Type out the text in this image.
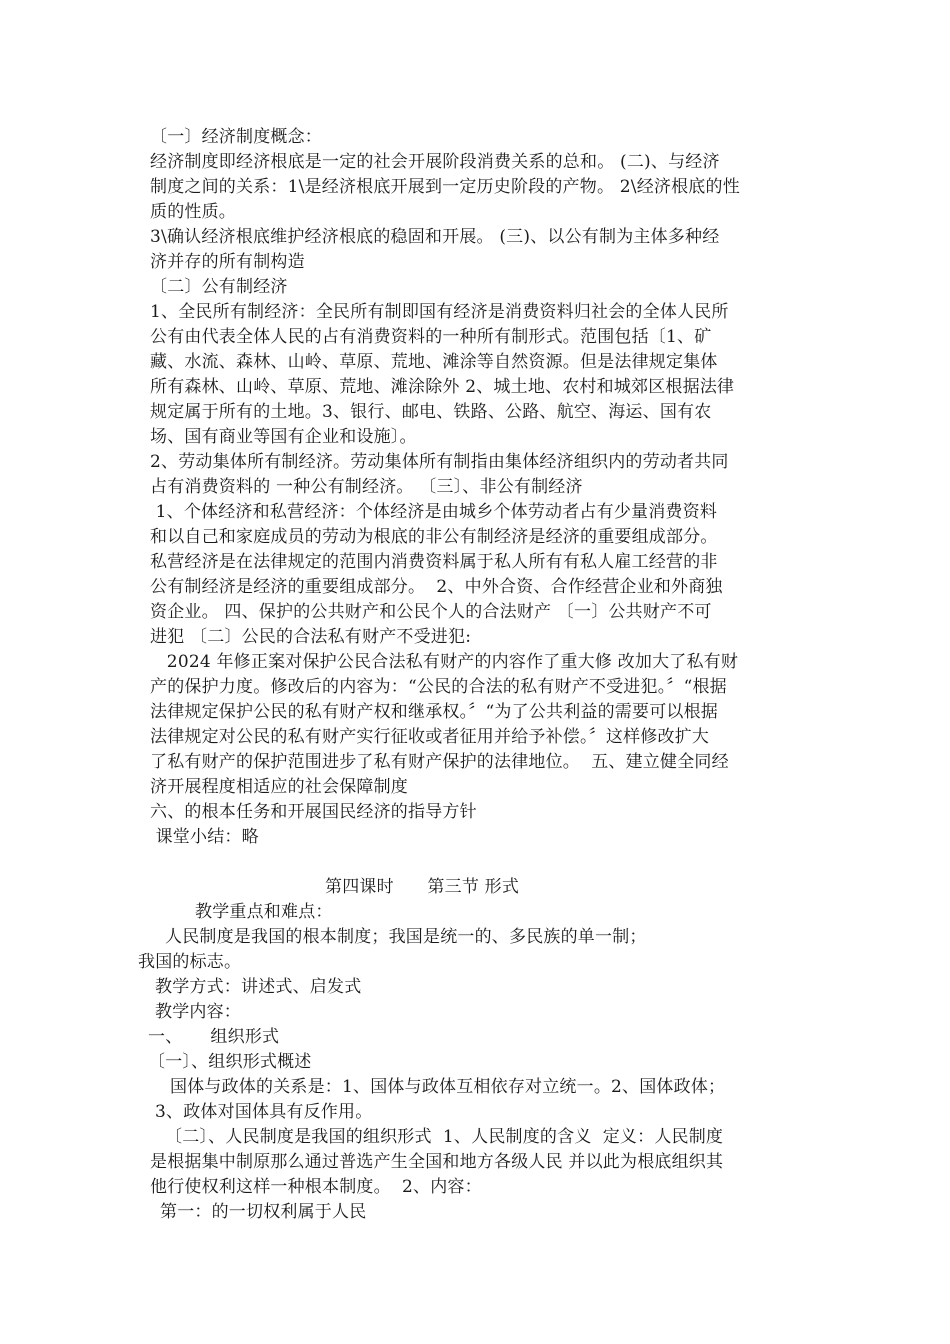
〔一〕经济制度概念：
经济制度即经济根底是一定的社会开展阶段消费关系的总和。 (二)、与经济
制度之间的关系：1\是经济根底开展到一定历史阶段的产物。 2\经济根底的性
质的性质。
3\确认经济根底维护经济根底的稳固和开展。 (三)、以公有制为主体多种经
济并存的所有制构造
〔二〕公有制经济
1、全民所有制经济：全民所有制即国有经济是消费资料归社会的全体人民所
公有由代表全体人民的占有消费资料的一种所有制形式。范围包括〔1、矿
藏、水流、森林、山岭、草原、荒地、滩涂等自然资源。但是法律规定集体
所有森林、山岭、草原、荒地、滩涂除外 2、城土地、农村和城郊区根据法律
规定属于所有的土地。3、银行、邮电、铁路、公路、航空、海运、国有农
场、国有商业等国有企业和设施〕。
2、劳动集体所有制经济。劳动集体所有制指由集体经济组织内的劳动者共同
占有消费资料的 一种公有制经济。 〔三〕、非公有制经济
1、个体经济和私营经济：个体经济是由城乡个体劳动者占有少量消费资料
和以自己和家庭成员的劳动为根底的非公有制经济是经济的重要组成部分。
私营经济是在法律规定的范围内消费资料属于私人所有有私人雇工经营的非
公有制经济是经济的重要组成部分。  2、中外合资、合作经营企业和外商独
资企业。 四、保护的公共财产和公民个人的合法财产 〔一〕公共财产不可
进犯 〔二〕公民的合法私有财产不受进犯:
2024 年修正案对保护公民合法私有财产的内容作了重大修 改加大了私有财
产的保护力度。修改后的内容为：“公民的合法的私有财产不受进犯。〞“根据
法律规定保护公民的私有财产权和继承权。〞“为了公共利益的需要可以根据
法律规定对公民的私有财产实行征收或者征用并给予补偿。〞这样修改扩大
了私有财产的保护范围进步了私有财产保护的法律地位。  五、建立健全同经
济开展程度相适应的社会保障制度
六、的根本任务和开展国民经济的指导方针
课堂小结：略
第四课时      第三节 形式
教学重点和难点：
人民制度是我国的根本制度；我国是统一的、多民族的单一制；
我国的标志。
教学方式：讲述式、启发式
教学内容：
一、     组织形式
〔一〕、组织形式概述
国体与政体的关系是：1、国体与政体互相依存对立统一。2、国体政体；
3、政体对国体具有反作用。
〔二〕、人民制度是我国的组织形式  1、人民制度的含义  定义：人民制度
是根据集中制原那么通过普选产生全国和地方各级人民 并以此为根底组织其
他行使权利这样一种根本制度。  2、内容：
第一：的一切权利属于人民
